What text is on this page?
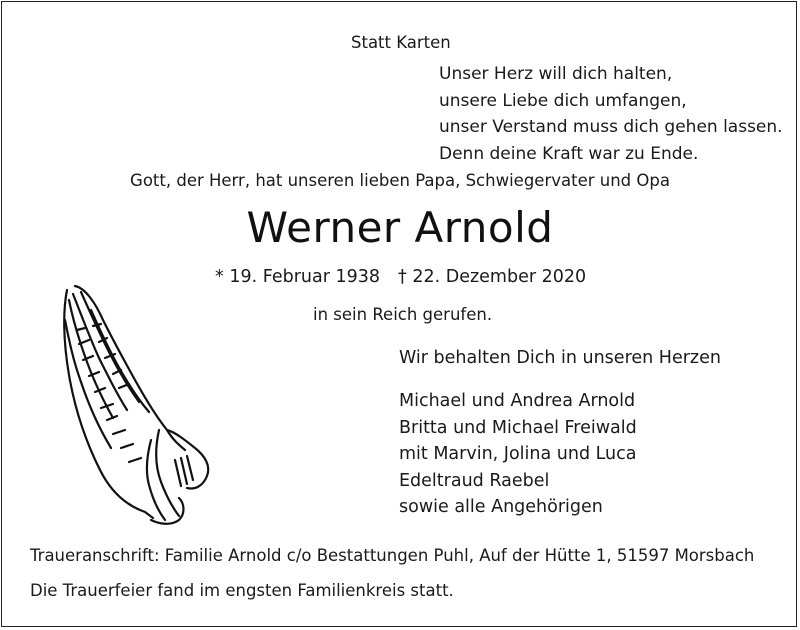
Statt Karten
Unser Herz will dich halten,
unsere Liebe dich umfangen,
unser Verstand muss dich gehen lassen.
Denn deine Kraft war zu Ende.
Gott, der Herr, hat unseren lieben Papa, Schwiegervater und Opa
Werner Arnold
* 19. Februar 1938 † 22. Dezember 2020
in sein Reich gerufen.
Wir behalten Dich in unseren Herzen
Michael und Andrea Arnold
Britta und Michael Freiwald
mit Marvin, Jolina und Luca
Edeltraud Raebel
sowie alle Angehörigen
Traueranschrift: Familie Arnold c/o Bestattungen Puhl, Auf der Hütte 1, 51597 Morsbach
Die Trauerfeier fand im engsten Familienkreis statt.
